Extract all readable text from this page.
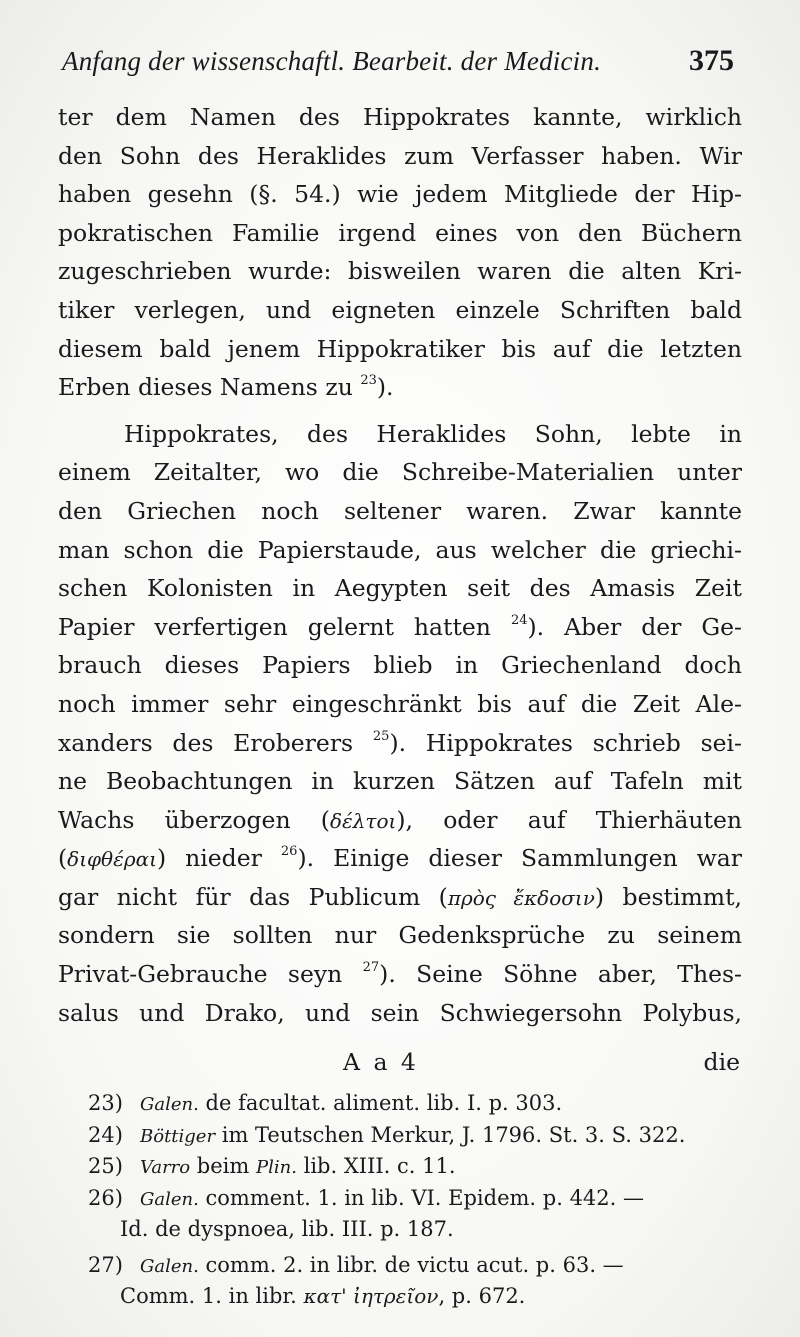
Anfang der wissenschaftl. Bearbeit. der Medicin.	375
ter dem Namen des Hippokrates kannte, wirklich
den Sohn des Heraklides zum Verfasser haben. Wir
haben gesehn (§. 54.) wie jedem Mitgliede der Hip-
pokratischen Familie irgend eines von den Büchern
zugeschrieben wurde: bisweilen waren die alten Kri-
tiker verlegen, und eigneten einzele Schriften bald
diesem bald jenem Hippokratiker bis auf die letzten
Erben dieses Namens zu $^{23}$).
Hippokrates, des Heraklides Sohn, lebte in
einem Zeitalter, wo die Schreibe-Materialien unter
den Griechen noch seltener waren. Zwar kannte
man schon die Papierstaude, aus welcher die griechi-
schen Kolonisten in Aegypten seit des Amasis Zeit
Papier verfertigen gelernt hatten $^{24}$). Aber der Ge-
brauch dieses Papiers blieb in Griechenland doch
noch immer sehr eingeschränkt bis auf die Zeit Ale-
xanders des Eroberers $^{25}$). Hippokrates schrieb sei-
ne Beobachtungen in kurzen Sätzen auf Tafeln mit
Wachs überzogen (δέλτοι), oder auf Thierhäuten
(διφθέραι) nieder $^{26}$). Einige dieser Sammlungen war
gar nicht für das Publicum (πρὸς ἔκδοσιν) bestimmt,
sondern sie sollten nur Gedenksprüche zu seinem
Privat-Gebrauche seyn $^{27}$). Seine Söhne aber, Thes-
salus und Drako, und sein Schwiegersohn Polybus,
A a 4	die
23) Galen. de facultat. aliment. lib. I. p. 303.
24) Böttiger im Teutschen Merkur, J. 1796. St. 3. S. 322.
25) Varro beim Plin. lib. XIII. c. 11.
26) Galen. comment. 1. in lib. VI. Epidem. p. 442. —
Id. de dyspnoea, lib. III. p. 187.
27) Galen. comm. 2. in libr. de victu acut. p. 63. —
Comm. 1. in libr. κατ' ἰητρεῖον, p. 672.
